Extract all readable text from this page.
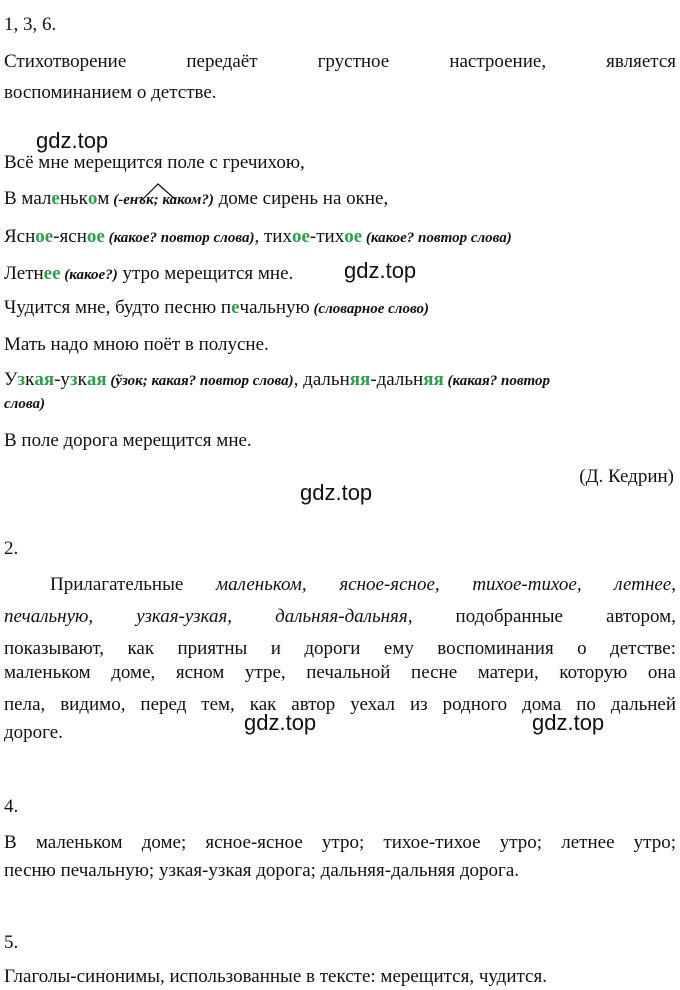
1, 3, 6.
Стихотворение	передаёт	грустное	настроение,	является
воспоминанием о детстве.
gdz.top
Всё мне мерещится поле с гречихою,
В маленьком (-енък; каком?) доме сирень на окне,
Ясное-ясное (какое? повтор слова), тихое-тихое (какое? повтор слова)
Летнее (какое?) утро мерещится мне. gdz.top
Чудится мне, будто песню печальную (словарное слово)
Мать надо мною поёт в полусне.
Узкая-узкая (ўзок; какая? повтор слова), дальняя-дальняя (какая? повтор
слова)
В поле дорога мерещится мне.
(Д. Кедрин)
gdz.top
2.
Прилагательные маленьком, ясное-ясное, тихое-тихое, летнее,
печальную, узкая-узкая, дальняя-дальняя, подобранные автором,
показывают, как приятны и дороги ему воспоминания о детстве:
маленьком доме, ясном утре, печальной песне матери, которую она
пела, видимо, перед тем, как автор уехал из родного дома по дальней
дороге.	gdz.top	gdz.top
4.
В маленьком доме; ясное-ясное утро; тихое-тихое утро; летнее утро;
песню печальную; узкая-узкая дорога; дальняя-дальняя дорога.
5.
Глаголы-синонимы, использованные в тексте: мерещится, чудится.
